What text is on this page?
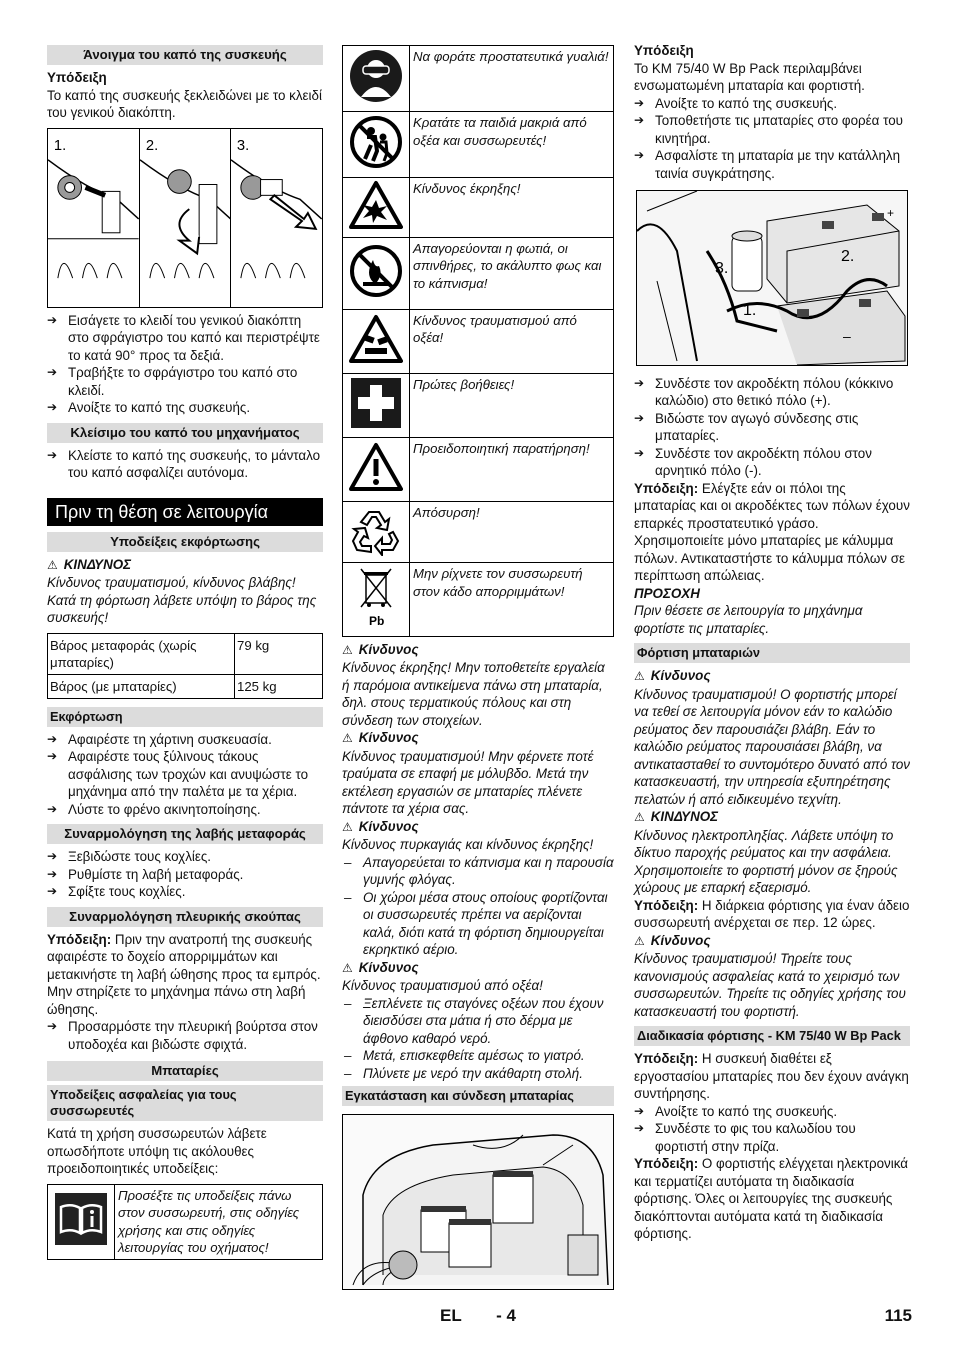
Άνοιγμα του καπό της συσκευής

Υπόδειξη

Το καπό της συσκευής ξεκλειδώνει με το κλειδί του γενικού διακόπτη.

1.	2.	3.

➔ Εισάγετε το κλειδί του γενικού διακόπτη στο σφράγιστρο του καπό και περιστρέψτε το κατά 90° προς τα δεξιά.

➔ Τραβήξτε το σφράγιστρο του καπό στο κλειδί.

➔ Ανοίξτε το καπό της συσκευής.

Κλείσιμο του καπό του μηχανήματος

➔ Κλείστε το καπό της συσκευής, το μάνταλο του καπό ασφαλίζει αυτόνομα.

Πριν τη θέση σε λειτουργία
Υποδείξεις εκφόρτωσης

⚠ ΚΙΝΔΥΝΟΣ

Κίνδυνος τραυματισμού, κίνδυνος βλάβης! Κατά τη φόρτωση λάβετε υπόψη το βάρος της συσκευής!

Βάρος μεταφοράς (χωρίς μπαταρίες)	79 kg
Βάρος (με μπαταρίες)	125 kg
Εκφόρτωση

➔ Αφαιρέστε τη χάρτινη συσκευασία.

➔ Αφαιρέστε τους ξύλινους τάκους ασφάλισης των τροχών και ανυψώστε το μηχάνημα από την παλέτα με τα χέρια.

➔ Λύστε το φρένο ακινητοποίησης.

Συναρμολόγηση της λαβής μεταφοράς

➔ Ξεβιδώστε τους κοχλίες.

➔ Ρυθμίστε τη λαβή μεταφοράς.

➔ Σφίξτε τους κοχλίες.

Συναρμολόγηση πλευρικής σκούπας

Υπόδειξη: Πριν την ανατροπή της συσκευής αφαιρέστε το δοχείο απορριμμάτων και μετακινήστε τη λαβή ώθησης προς τα εμπρός. Μην στηρίζετε το μηχάνημα πάνω στη λαβή ώθησης.

➔ Προσαρμόστε την πλευρική βούρτσα στον υποδοχέα και βιδώστε σφιχτά.

Μπαταρίες
Υποδείξεις ασφαλείας για τους συσσωρευτές

Κατά τη χρήση συσσωρευτών λάβετε οπωσδήποτε υπόψη τις ακόλουθες προειδοποιητικές υποδείξεις:

	Προσέξτε τις υποδείξεις πάνω στον συσσωρευτή, στις οδηγίες χρήσης και στις οδηγίες λειτουργίας του οχήματος!
	Να φοράτε προστατευτικά γυαλιά!
	Κρατάτε τα παιδιά μακριά από οξέα και συσσωρευτές!
	Κίνδυνος έκρηξης!
	Απαγορεύονται η φωτιά, οι σπινθήρες, το ακάλυπτο φως και το κάπνισμα!
	Κίνδυνος τραυματισμού από οξέα!
	Πρώτες βοήθειες!
	Προειδοποιητική παρατήρηση!
	Απόσυρση!

Pb	Μην ρίχνετε τον συσσωρευτή στον κάδο απορριμμάτων!

⚠ Κίνδυνος

Κίνδυνος έκρηξης! Μην τοποθετείτε εργαλεία ή παρόμοια αντικείμενα πάνω στη μπαταρία, δηλ. στους τερματικούς πόλους και στη σύνδεση των στοιχείων.

⚠ Κίνδυνος

Κίνδυνος τραυματισμού! Μην φέρνετε ποτέ τραύματα σε επαφή με μόλυβδο. Μετά την εκτέλεση εργασιών σε μπαταρίες πλένετε πάντοτε τα χέρια σας.

⚠ Κίνδυνος

Κίνδυνος πυρκαγιάς και κίνδυνος έκρηξης!

– Απαγορεύεται το κάπνισμα και η παρουσία γυμνής φλόγας.

– Οι χώροι μέσα στους οποίους φορτίζονται οι συσσωρευτές πρέπει να αερίζονται καλά, διότι κατά τη φόρτιση δημιουργείται εκρηκτικό αέριο.

⚠ Κίνδυνος

Κίνδυνος τραυματισμού από οξέα!

– Ξεπλένετε τις σταγόνες οξέων που έχουν διεισδύσει στα μάτια ή στο δέρμα με άφθονο καθαρό νερό.

– Μετά, επισκεφθείτε αμέσως το γιατρό.

– Πλύνετε με νερό την ακάθαρτη στολή.

Εγκατάσταση και σύνδεση μπαταρίας

Υπόδειξη

Το KM 75/40 W Bp Pack περιλαμβάνει ενσωματωμένη μπαταρία και φορτιστή.

➔ Ανοίξτε το καπό της συσκευής.

➔ Τοποθετήστε τις μπαταρίες στο φορέα του κινητήρα.

➔ Ασφαλίστε τη μπαταρία με την κατάλληλη ταινία συγκράτησης.

+
–
2.
3.
1.

➔ Συνδέστε τον ακροδέκτη πόλου (κόκκινο καλώδιο) στο θετικό πόλο (+).

➔ Βιδώστε τον αγωγό σύνδεσης στις μπαταρίες.

➔ Συνδέστε τον ακροδέκτη πόλου στον αρνητικό πόλο (-).

Υπόδειξη: Ελέγξτε εάν οι πόλοι της μπαταρίας και οι ακροδέκτες των πόλων έχουν επαρκές προστατευτικό γράσο. Χρησιμοποιείτε μόνο μπαταρίες με κάλυμμα πόλων. Αντικαταστήστε το κάλυμμα πόλων σε περίπτωση απώλειας.

ΠΡΟΣΟΧΗ

Πριν θέσετε σε λειτουργία το μηχάνημα φορτίστε τις μπαταρίες.

Φόρτιση μπαταριών

⚠ Κίνδυνος

Κίνδυνος τραυματισμού! Ο φορτιστής μπορεί να τεθεί σε λειτουργία μόνον εάν το καλώδιο ρεύματος δεν παρουσιάζει βλάβη. Εάν το καλώδιο ρεύματος παρουσιάσει βλάβη, να αντικατασταθεί το συντομότερο δυνατό από τον κατασκευαστή, την υπηρεσία εξυπηρέτησης πελατών ή από ειδικευμένο τεχνίτη.

⚠ ΚΙΝΔΥΝΟΣ

Κίνδυνος ηλεκτροπληξίας. Λάβετε υπόψη το δίκτυο παροχής ρεύματος και την ασφάλεια. Χρησιμοποιείτε το φορτιστή μόνον σε ξηρούς χώρους με επαρκή εξαερισμό.

Υπόδειξη: Η διάρκεια φόρτισης για έναν άδειο συσσωρευτή ανέρχεται σε περ. 12 ώρες.

⚠ Κίνδυνος

Κίνδυνος τραυματισμού! Τηρείτε τους κανονισμούς ασφαλείας κατά το χειρισμό των συσσωρευτών. Τηρείτε τις οδηγίες χρήσης του κατασκευαστή του φορτιστή.

Διαδικασία φόρτισης - KM 75/40 W Bp Pack

Υπόδειξη: Η συσκευή διαθέτει εξ εργοστασίου μπαταρίες που δεν έχουν ανάγκη συντήρησης.

➔ Ανοίξτε το καπό της συσκευής.

➔ Συνδέστε το φις του καλωδίου του φορτιστή στην πρίζα.

Υπόδειξη: Ο φορτιστής ελέγχεται ηλεκτρονικά και τερματίζει αυτόματα τη διαδικασία φόρτισης. Όλες οι λειτουργίες της συσκευής διακόπτονται αυτόματα κατά τη διαδικασία φόρτισης.

EL - 4	115
